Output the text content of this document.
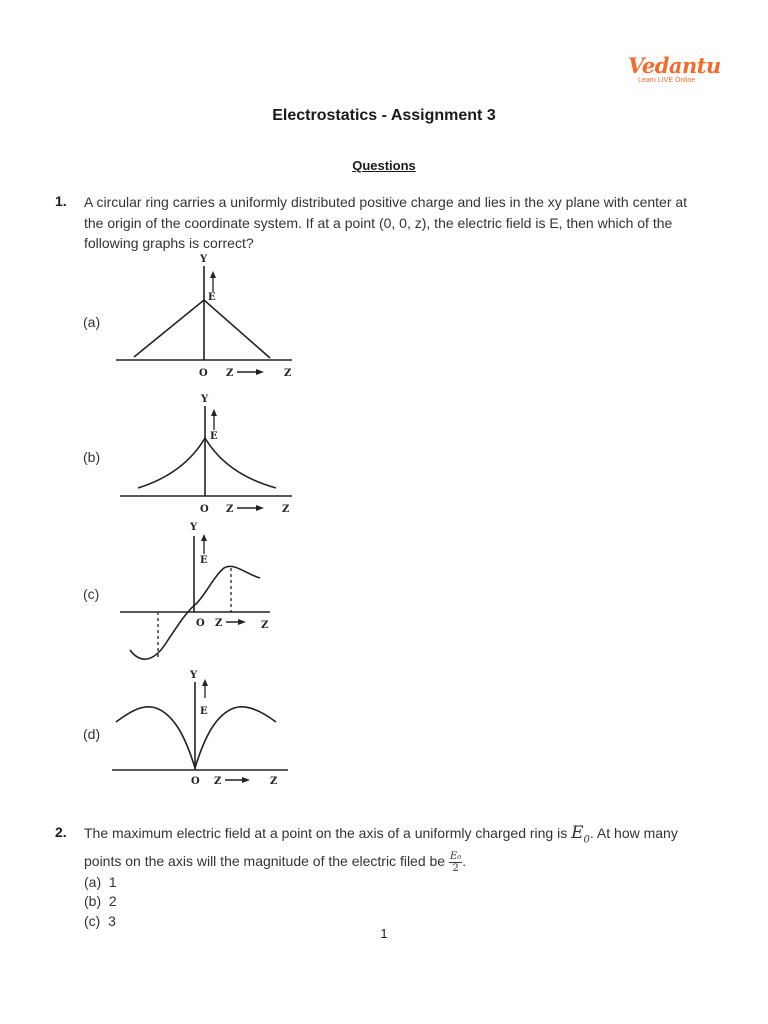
Vedantu
Learn LIVE Online
Electrostatics - Assignment 3
Questions
1. A circular ring carries a uniformly distributed positive charge and lies in the xy plane with center at the origin of the coordinate system. If at a point (0, 0, z), the electric field is E, then which of the following graphs is correct?
(a)
(b)
(c)
(d)
Y
E
O Z	Z
Y
E
O Z	Z
Y
E
O Z	Z
Y
E
O Z	Z
2. The maximum electric field at a point on the axis of a uniformly charged ring is $E_0$. At how many points on the axis will the magnitude of the electric filed be $\frac{\text{E₀}}{2}$ .
(a) 1
(b) 2
(c) 3
1
